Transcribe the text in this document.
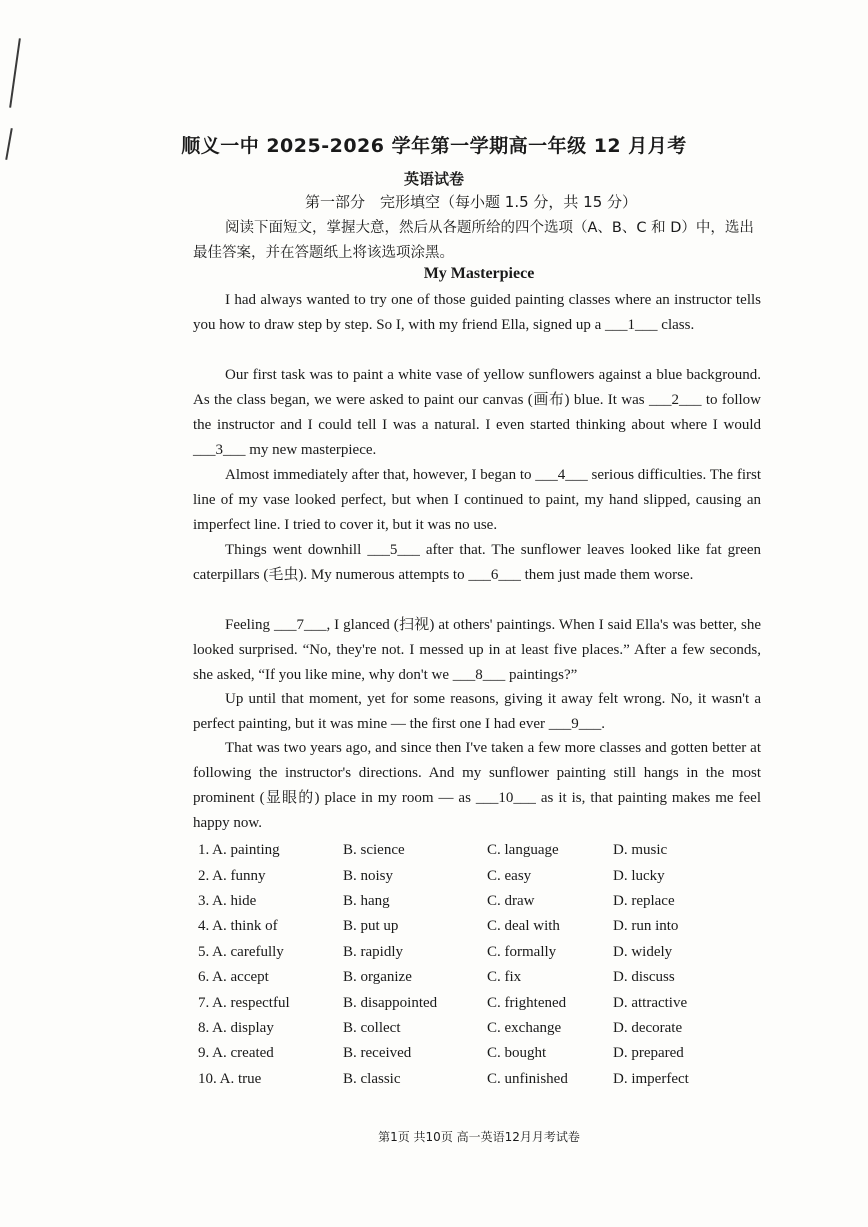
顺义一中 2025-2026 学年第一学期高一年级 12 月月考
英语试卷
第一部分　完形填空（每小题 1.5 分，共 15 分）
阅读下面短文，掌握大意，然后从各题所给的四个选项（A、B、C 和 D）中，选出最佳答案，并在答题纸上将该选项涂黑。
My Masterpiece
I had always wanted to try one of those guided painting classes where an instructor tells you how to draw step by step. So I, with my friend Ella, signed up a ___1___ class.
Our first task was to paint a white vase of yellow sunflowers against a blue background. As the class began, we were asked to paint our canvas (画布) blue. It was ___2___ to follow the instructor and I could tell I was a natural. I even started thinking about where I would ___3___ my new masterpiece.
Almost immediately after that, however, I began to ___4___ serious difficulties. The first line of my vase looked perfect, but when I continued to paint, my hand slipped, causing an imperfect line. I tried to cover it, but it was no use.
Things went downhill ___5___ after that. The sunflower leaves looked like fat green caterpillars (毛虫). My numerous attempts to ___6___ them just made them worse.
Feeling ___7___, I glanced (扫视) at others' paintings. When I said Ella's was better, she looked surprised. “No, they're not. I messed up in at least five places.” After a few seconds, she asked, “If you like mine, why don't we ___8___ paintings?”
Up until that moment, yet for some reasons, giving it away felt wrong. No, it wasn't a perfect painting, but it was mine — the first one I had ever ___9___.
That was two years ago, and since then I've taken a few more classes and gotten better at following the instructor's directions. And my sunflower painting still hangs in the most prominent (显眼的) place in my room — as ___10___ as it is, that painting makes me feel happy now.
1. A. painting	B. science	C. language	D. music
2. A. funny	B. noisy	C. easy	D. lucky
3. A. hide	B. hang	C. draw	D. replace
4. A. think of	B. put up	C. deal with	D. run into
5. A. carefully	B. rapidly	C. formally	D. widely
6. A. accept	B. organize	C. fix	D. discuss
7. A. respectful	B. disappointed	C. frightened	D. attractive
8. A. display	B. collect	C. exchange	D. decorate
9. A. created	B. received	C. bought	D. prepared
10. A. true	B. classic	C. unfinished	D. imperfect
第1页 共10页 高一英语12月月考试卷
